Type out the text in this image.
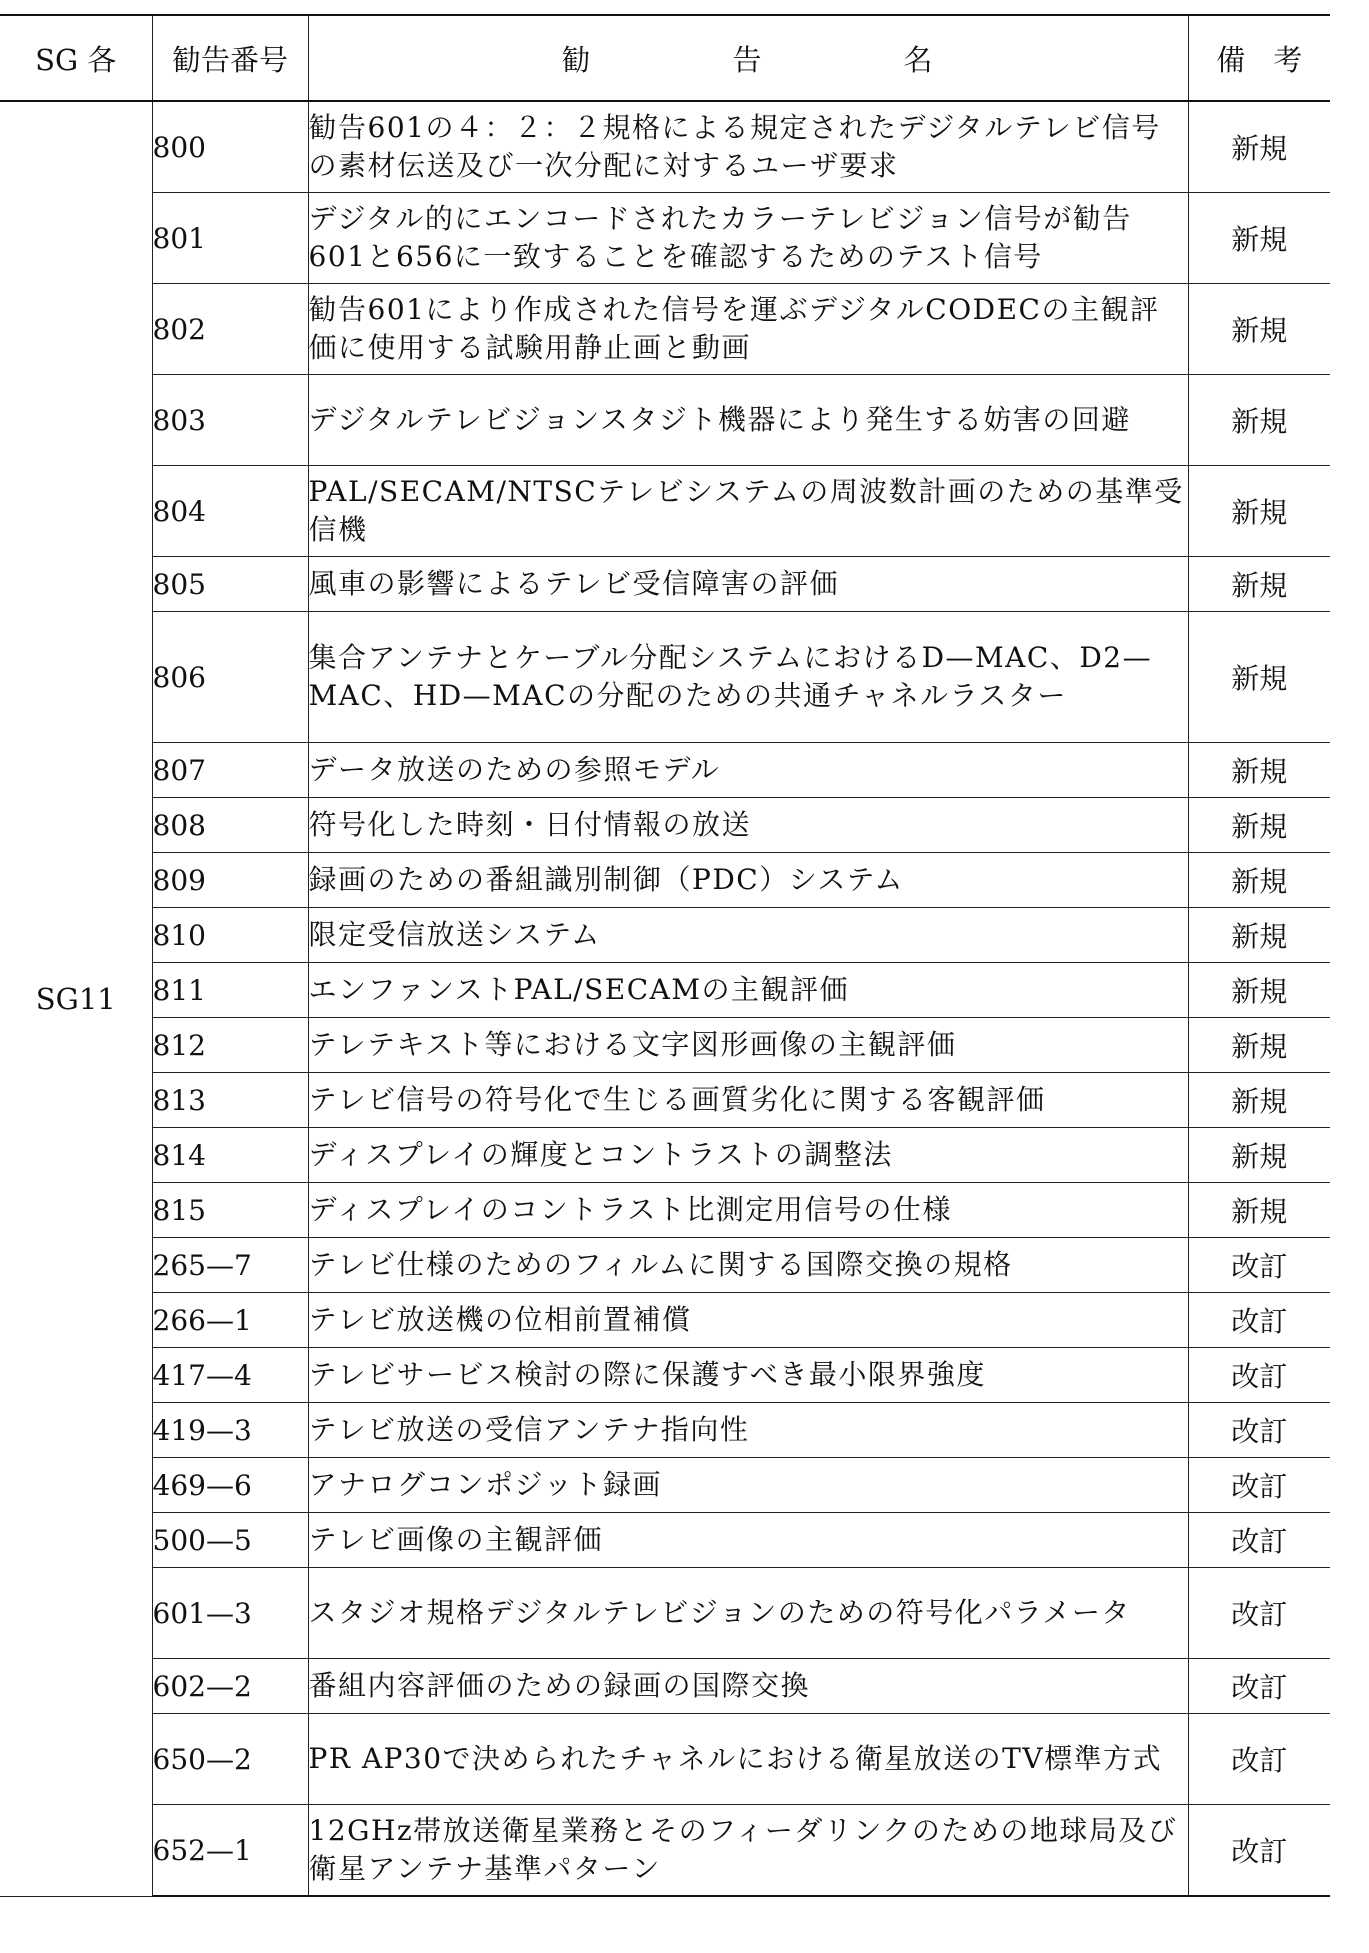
SG 各	勧告番号	勧 告 名	備 考
SG11	800	勧告601の４：２：２規格による規定されたデジタルテレビ信号の素材伝送及び一次分配に対するユーザ要求	新規
	801	デジタル的にエンコードされたカラーテレビジョン信号が勧告601と656に一致することを確認するためのテスト信号	新規
	802	勧告601により作成された信号を運ぶデジタルCODECの主観評価に使用する試験用静止画と動画	新規
	803	デジタルテレビジョンスタジト機器により発生する妨害の回避	新規
	804	PAL/SECAM/NTSCテレビシステムの周波数計画のための基準受信機	新規
	805	風車の影響によるテレビ受信障害の評価	新規
	806	集合アンテナとケーブル分配システムにおけるD—MAC、D2—MAC、HD—MACの分配のための共通チャネルラスター	新規
	807	データ放送のための参照モデル	新規
	808	符号化した時刻・日付情報の放送	新規
	809	録画のための番組識別制御（PDC）システム	新規
	810	限定受信放送システム	新規
	811	エンファンストPAL/SECAMの主観評価	新規
	812	テレテキスト等における文字図形画像の主観評価	新規
	813	テレビ信号の符号化で生じる画質劣化に関する客観評価	新規
	814	ディスプレイの輝度とコントラストの調整法	新規
	815	ディスプレイのコントラスト比測定用信号の仕様	新規
	265—7	テレビ仕様のためのフィルムに関する国際交換の規格	改訂
	266—1	テレビ放送機の位相前置補償	改訂
	417—4	テレビサービス検討の際に保護すべき最小限界強度	改訂
	419—3	テレビ放送の受信アンテナ指向性	改訂
	469—6	アナログコンポジット録画	改訂
	500—5	テレビ画像の主観評価	改訂
	601—3	スタジオ規格デジタルテレビジョンのための符号化パラメータ	改訂
	602—2	番組内容評価のための録画の国際交換	改訂
	650—2	PR AP30で決められたチャネルにおける衛星放送のTV標準方式	改訂
	652—1	12GHz帯放送衛星業務とそのフィーダリンクのための地球局及び衛星アンテナ基準パターン	改訂
